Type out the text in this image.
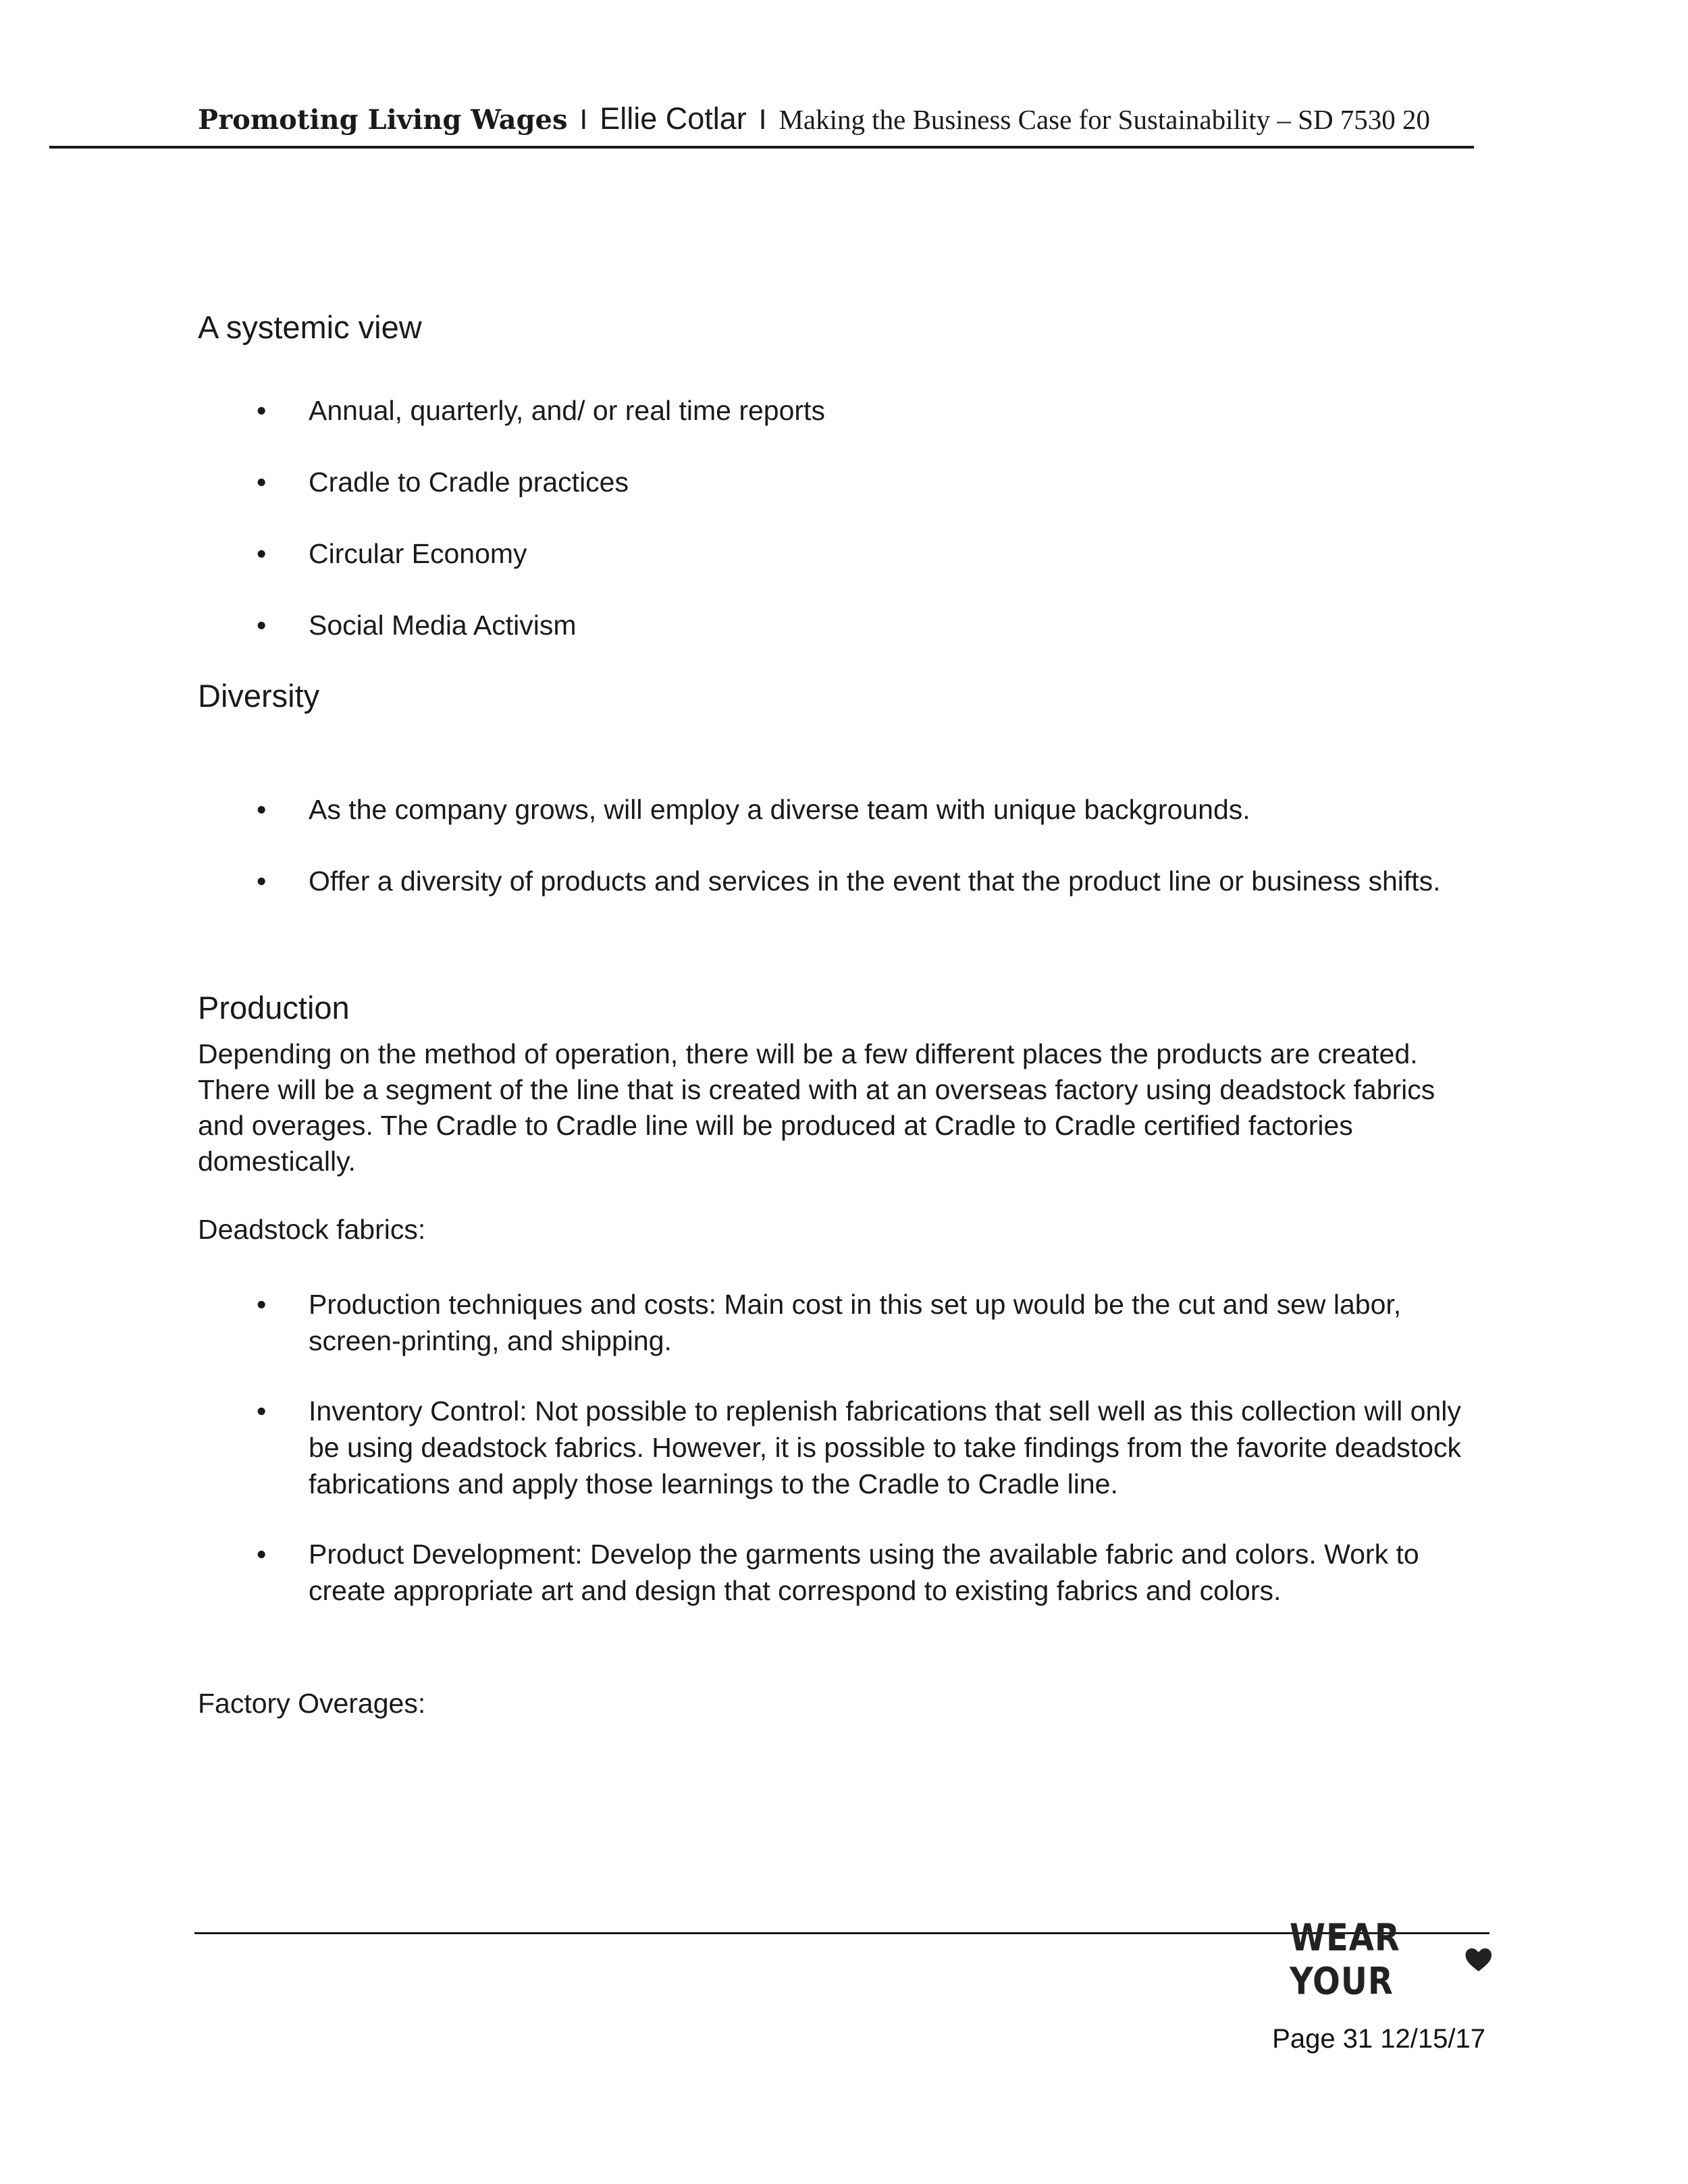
Promoting Living Wages I Ellie Cotlar I Making the Business Case for Sustainability – SD 7530 20
A systemic view

• Annual, quarterly, and/ or real time reports

• Cradle to Cradle practices

• Circular Economy

• Social Media Activism

Diversity

• As the company grows, will employ a diverse team with unique backgrounds.

• Offer a diversity of products and services in the event that the product line or business shifts.

Production

Depending on the method of operation, there will be a few different places the products are created. There will be a segment of the line that is created with at an overseas factory using deadstock fabrics and overages. The Cradle to Cradle line will be produced at Cradle to Cradle certified factories domestically.

Deadstock fabrics:

• Production techniques and costs: Main cost in this set up would be the cut and sew labor, screen-printing, and shipping.

• Inventory Control: Not possible to replenish fabrications that sell well as this collection will only be using deadstock fabrics. However, it is possible to take findings from the favorite deadstock fabrications and apply those learnings to the Cradle to Cradle line.

• Product Development: Develop the garments using the available fabric and colors. Work to create appropriate art and design that correspond to existing fabrics and colors.

Factory Overages:

WEAR YOUR
Page 31 12/15/17
